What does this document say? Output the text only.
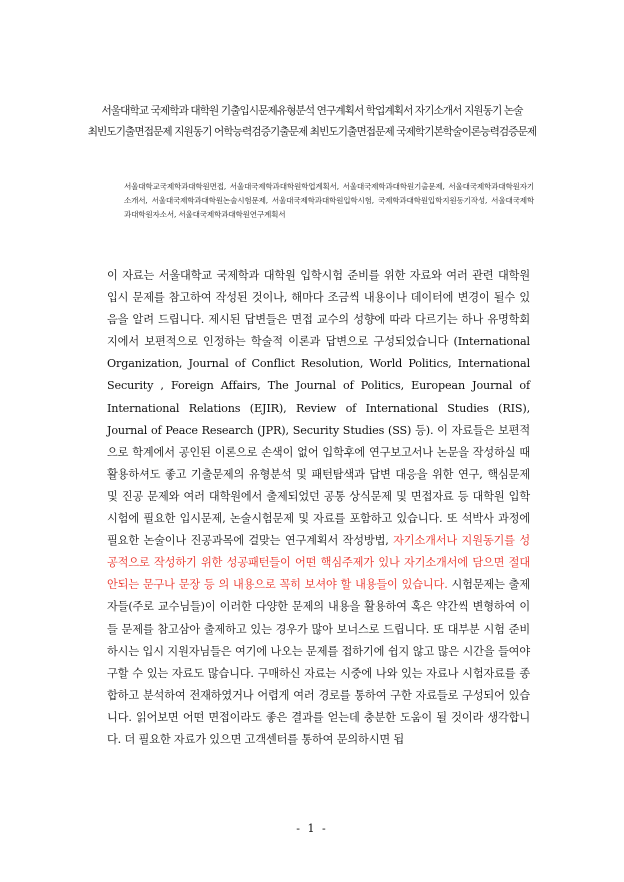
서울대학교 국제학과 대학원 기출입시문제유형분석 연구계획서 학업계획서 자기소개서 지원동기 논술
최빈도기출면접문제 지원동기 어학능력검증기출문제 최빈도기출면접문제 국제학기본학술이론능력검증문제
서울대학교국제학과대학원면접, 서울대국제학과대학원학업계획서, 서울대국제학과대학원기출문제, 서울대국제학과대학원자기소개서, 서울대국제학과대학원논술시험문제, 서울대국제학과대학원입학시험, 국제학과대학원입학지원동기작성, 서울대국제학과대학원자소서, 서울대국제학과대학원연구계획서
이 자료는 서울대학교 국제학과 대학원 입학시험 준비를 위한 자료와 여러 관련 대학원 입시 문제를 참고하여 작성된 것이나, 해마다 조금씩 내용이나 데이터에 변경이 될수 있음을 알려 드립니다. 제시된 답변들은 면접 교수의 성향에 따라 다르기는 하나 유명학회지에서 보편적으로 인정하는 학술적 이론과 답변으로 구성되었습니다 (International Organization, Journal of Conflict Resolution, World Politics, International Security , Foreign Affairs, The Journal of Politics, European Journal of International Relations (EJIR), Review of International Studies (RIS), Journal of Peace Research (JPR), Security Studies (SS) 등). 이 자료들은 보편적으로 학계에서 공인된 이론으로 손색이 없어 입학후에 연구보고서나 논문을 작성하실 때 활용하셔도 좋고 기출문제의 유형분석 및 패턴탐색과 답변 대응을 위한 연구, 핵심문제 및 진공 문제와 여러 대학원에서 출제되었던 공통 상식문제 및 면접자료 등 대학원 입학시험에 필요한 입시문제, 논술시험문제 및 자료를 포함하고 있습니다. 또 석박사 과정에 필요한 논술이나 진공과목에 걸맞는 연구계획서 작성방법, 자기소개서나 지원동기를 성공적으로 작성하기 위한 성공패턴들이 어떤 핵심주제가 있나 자기소개서에 담으면 절대 안되는 문구나 문장 등 의 내용으로 꼭히 보셔야 할 내용들이 있습니다. 시험문제는 출제자들(주로 교수님들)이 이러한 다양한 문제의 내용을 활용하여 혹은 약간씩 변형하여 이들 문제를 참고삼아 출제하고 있는 경우가 많아 보너스로 드립니다. 또 대부분 시험 준비하시는 입시 지원자님들은 여기에 나오는 문제를 접하기에 쉽지 않고 많은 시간을 들여야 구할 수 있는 자료도 많습니다. 구매하신 자료는 시중에 나와 있는 자료나 시험자료를 종합하고 분석하여 전재하였거나 어렵게 여러 경로를 통하여 구한 자료들로 구성되어 있습니다. 읽어보면 어떤 면접이라도 좋은 결과를 얻는데 충분한 도움이 될 것이라 생각합니다. 더 필요한 자료가 있으면 고객센터를 통하여 문의하시면 됩
- 1 -
